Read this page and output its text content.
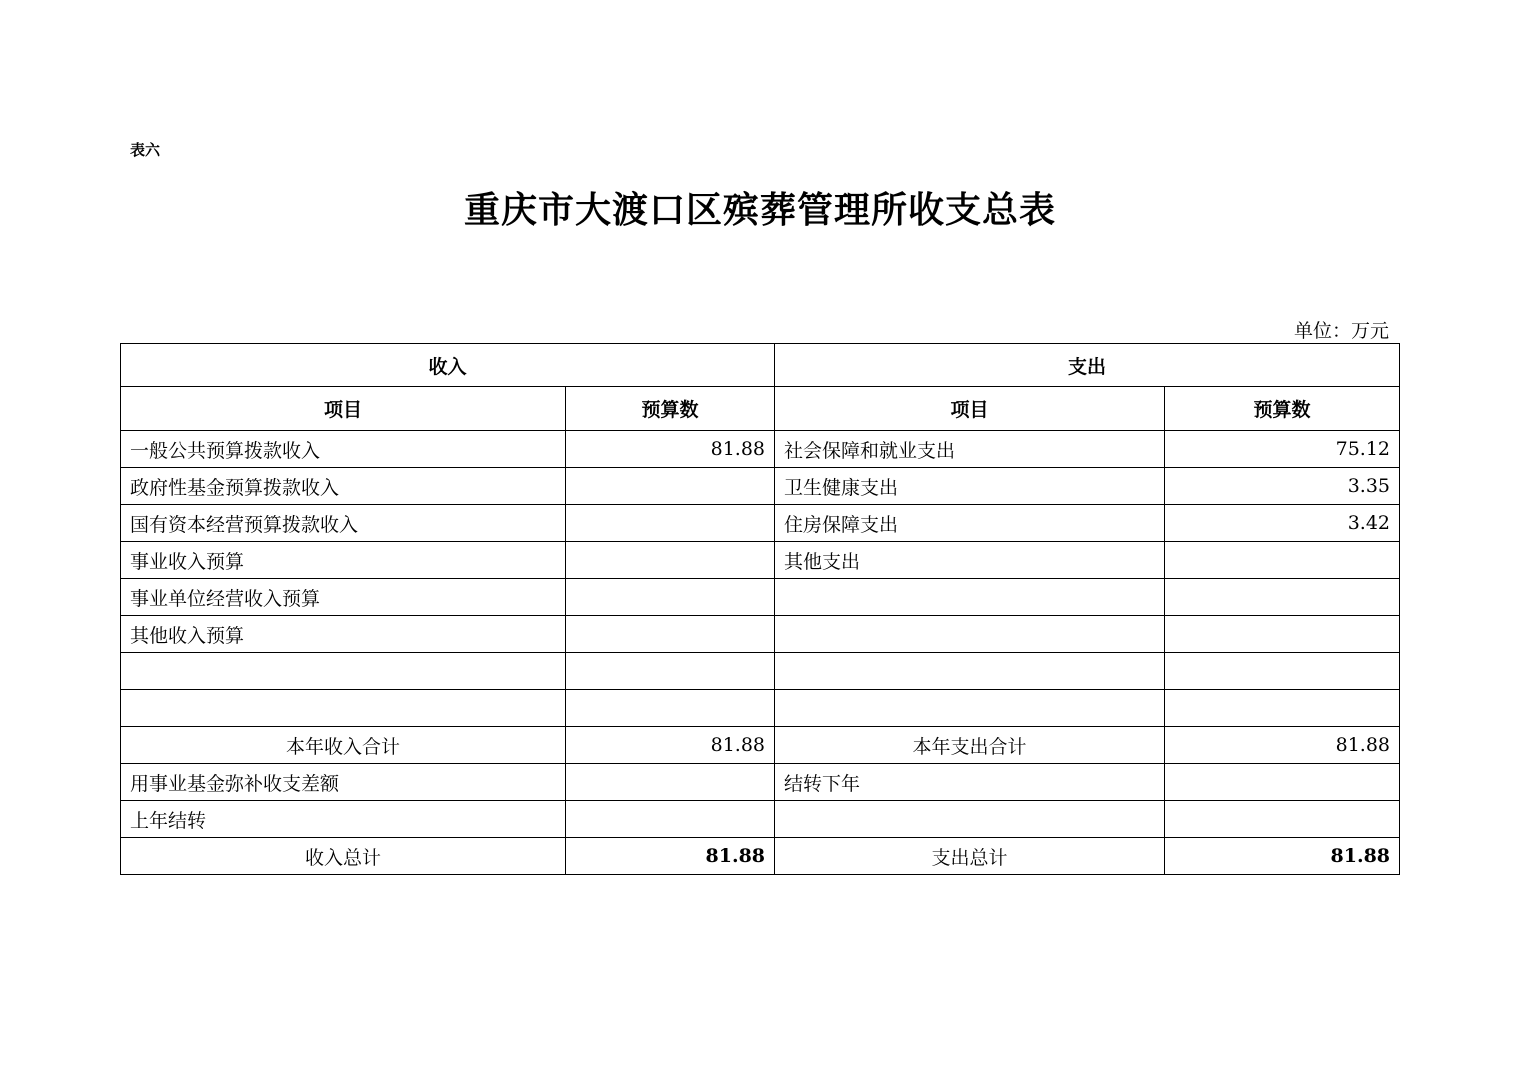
表六
重庆市大渡口区殡葬管理所收支总表
单位：万元
收入		支出	
项目	预算数	项目	预算数
一般公共预算拨款收入	81.88	社会保障和就业支出	75.12
政府性基金预算拨款收入		卫生健康支出	3.35
国有资本经营预算拨款收入		住房保障支出	3.42
事业收入预算		其他支出	
事业单位经营收入预算			
其他收入预算			

本年收入合计	81.88	本年支出合计	81.88
用事业基金弥补收支差额		结转下年	
上年结转			
收入总计	81.88	支出总计	81.88
